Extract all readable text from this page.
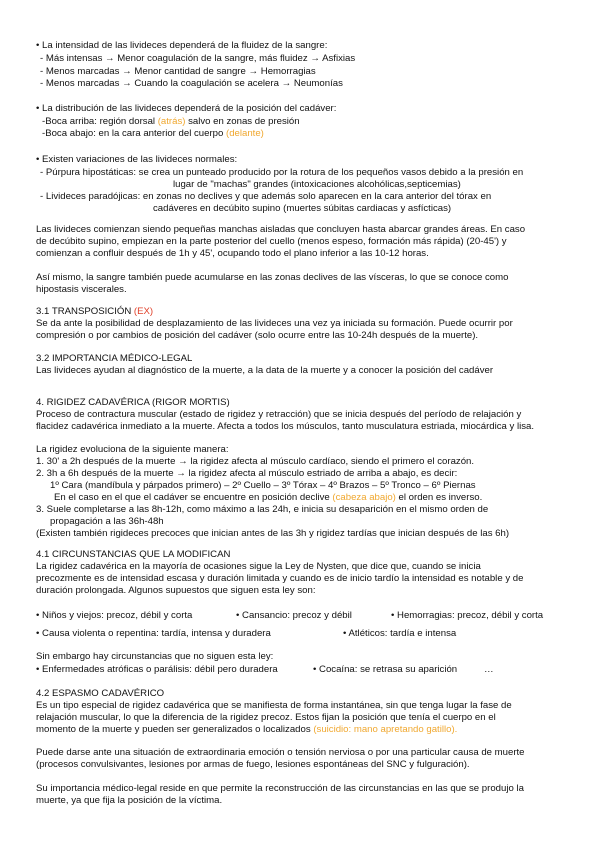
• La intensidad de las livideces dependerá de la fluidez de la sangre:
- Más intensas → Menor coagulación de la sangre, más fluidez → Asfixias
- Menos marcadas → Menor cantidad de sangre → Hemorragias
- Menos marcadas → Cuando la coagulación se acelera → Neumonías
• La distribución de las livideces dependerá de la posición del cadáver:
-Boca arriba: región dorsal (atrás) salvo en zonas de presión
-Boca abajo: en la cara anterior del cuerpo (delante)
• Existen variaciones de las livideces normales:
- Púrpura hipostáticas: se crea un punteado producido por la rotura de los pequeños vasos debido a la presión en
lugar de "machas" grandes (intoxicaciones alcohólicas,septicemias)
- Livideces paradójicas: en zonas no declives y que además solo aparecen en la cara anterior del tórax en
cadáveres en decúbito supino (muertes súbitas cardiacas y asfícticas)
Las livideces comienzan siendo pequeñas manchas aisladas que concluyen hasta abarcar grandes áreas. En caso
de decúbito supino, empiezan en la parte posterior del cuello (menos espeso, formación más rápida) (20-45') y
comienzan a confluir después de 1h y 45', ocupando todo el plano inferior a las 10-12 horas.
Así mismo, la sangre también puede acumularse en las zonas declives de las vísceras, lo que se conoce como
hipostasis viscerales.
3.1 TRANSPOSICIÓN (EX)
Se da ante la posibilidad de desplazamiento de las livideces una vez ya iniciada su formación. Puede ocurrir por
compresión o por cambios de posición del cadáver (solo ocurre entre las 10-24h después de la muerte).
3.2 IMPORTANCIA MÉDICO-LEGAL
Las livideces ayudan al diagnóstico de la muerte, a la data de la muerte y a conocer la posición del cadáver
4. RIGIDEZ CADAVÉRICA (RIGOR MORTIS)
Proceso de contractura muscular (estado de rigidez y retracción) que se inicia después del período de relajación y
flacidez cadavérica inmediato a la muerte. Afecta a todos los músculos, tanto musculatura estriada, miocárdica y lisa.
La rigidez evoluciona de la siguiente manera:
1. 30' a 2h después de la muerte → la rigidez afecta al músculo cardíaco, siendo el primero el corazón.
2. 3h a 6h después de la muerte → la rigidez afecta al músculo estriado de arriba a abajo, es decir:
1º Cara (mandíbula y párpados primero) – 2º Cuello – 3º Tórax – 4º Brazos – 5º Tronco – 6º Piernas
En el caso en el que el cadáver se encuentre en posición declive (cabeza abajo) el orden es inverso.
3. Suele completarse a las 8h-12h, como máximo a las 24h, e inicia su desaparición en el mismo orden de
propagación a las 36h-48h
(Existen también rigideces precoces que inician antes de las 3h y rigidez tardías que inician después de las 6h)
4.1 CIRCUNSTANCIAS QUE LA MODIFICAN
La rigidez cadavérica en la mayoría de ocasiones sigue la Ley de Nysten, que dice que, cuando se inicia
precozmente es de intensidad escasa y duración limitada y cuando es de inicio tardío la intensidad es notable y de
duración prolongada. Algunos supuestos que siguen esta ley son:
• Niños y viejos: precoz, débil y corta	• Cansancio: precoz y débil	• Hemorragias: precoz, débil y corta
• Causa violenta o repentina: tardía, intensa y duradera	• Atléticos: tardía e intensa
Sin embargo hay circunstancias que no siguen esta ley:
• Enfermedades atróficas o parálisis: débil pero duradera	• Cocaína: se retrasa su aparición	…
4.2 ESPASMO CADAVÉRICO
Es un tipo especial de rigidez cadavérica que se manifiesta de forma instantánea, sin que tenga lugar la fase de
relajación muscular, lo que la diferencia de la rigidez precoz. Estos fijan la posición que tenía el cuerpo en el
momento de la muerte y pueden ser generalizados o localizados (suicidio: mano apretando gatillo).
Puede darse ante una situación de extraordinaria emoción o tensión nerviosa o por una particular causa de muerte
(procesos convulsivantes, lesiones por armas de fuego, lesiones espontáneas del SNC y fulguración).
Su importancia médico-legal reside en que permite la reconstrucción de las circunstancias en las que se produjo la
muerte, ya que fija la posición de la víctima.
